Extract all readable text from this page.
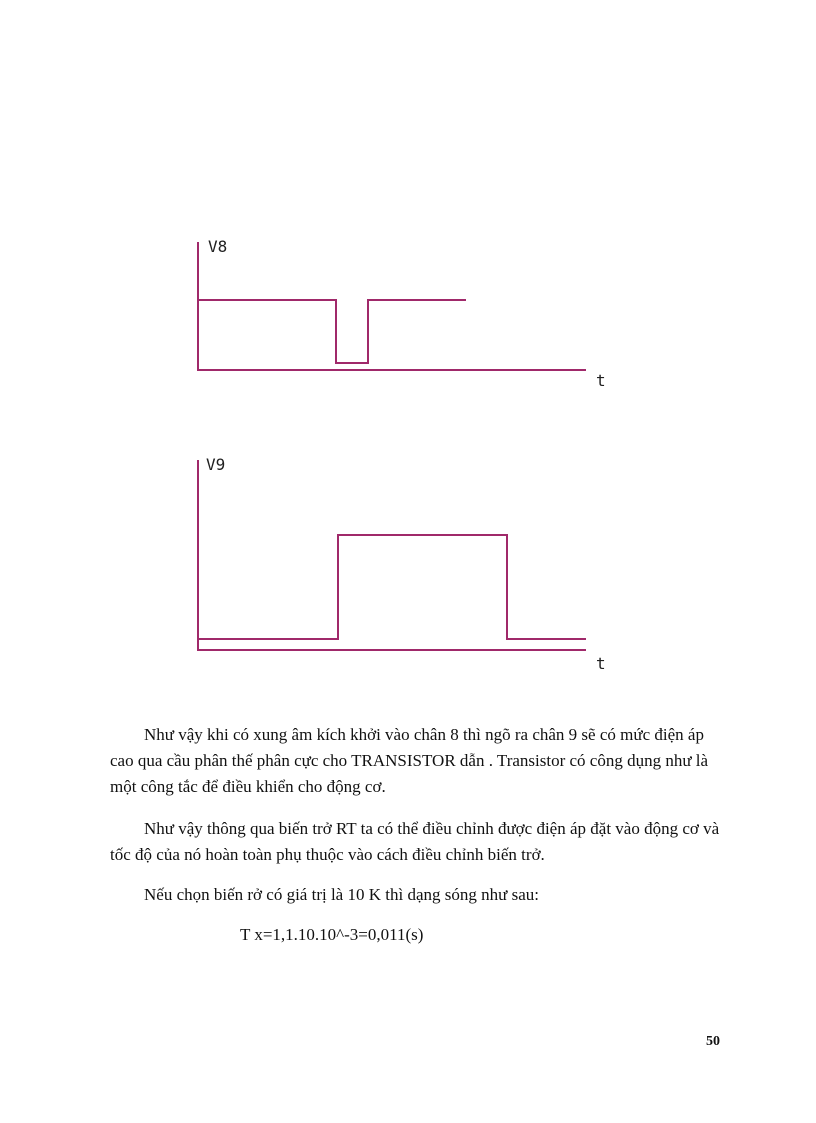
V8
t
V9
t

Như vậy khi có xung âm kích khởi vào chân 8 thì ngõ ra chân 9 sẽ có mức điện áp cao qua cầu phân thế phân cực cho TRANSISTOR dẫn . Transistor có công dụng như là một công tắc để điều khiển cho động cơ.

Như vậy thông qua biến trở RT ta có thể điều chỉnh được điện áp đặt vào động cơ và tốc độ của nó hoàn toàn phụ thuộc vào cách điều chỉnh biến trở.

Nếu chọn biến rở có giá trị là 10 K thì dạng sóng như sau:

T x=1,1.10.10^-3=0,011(s)

50
